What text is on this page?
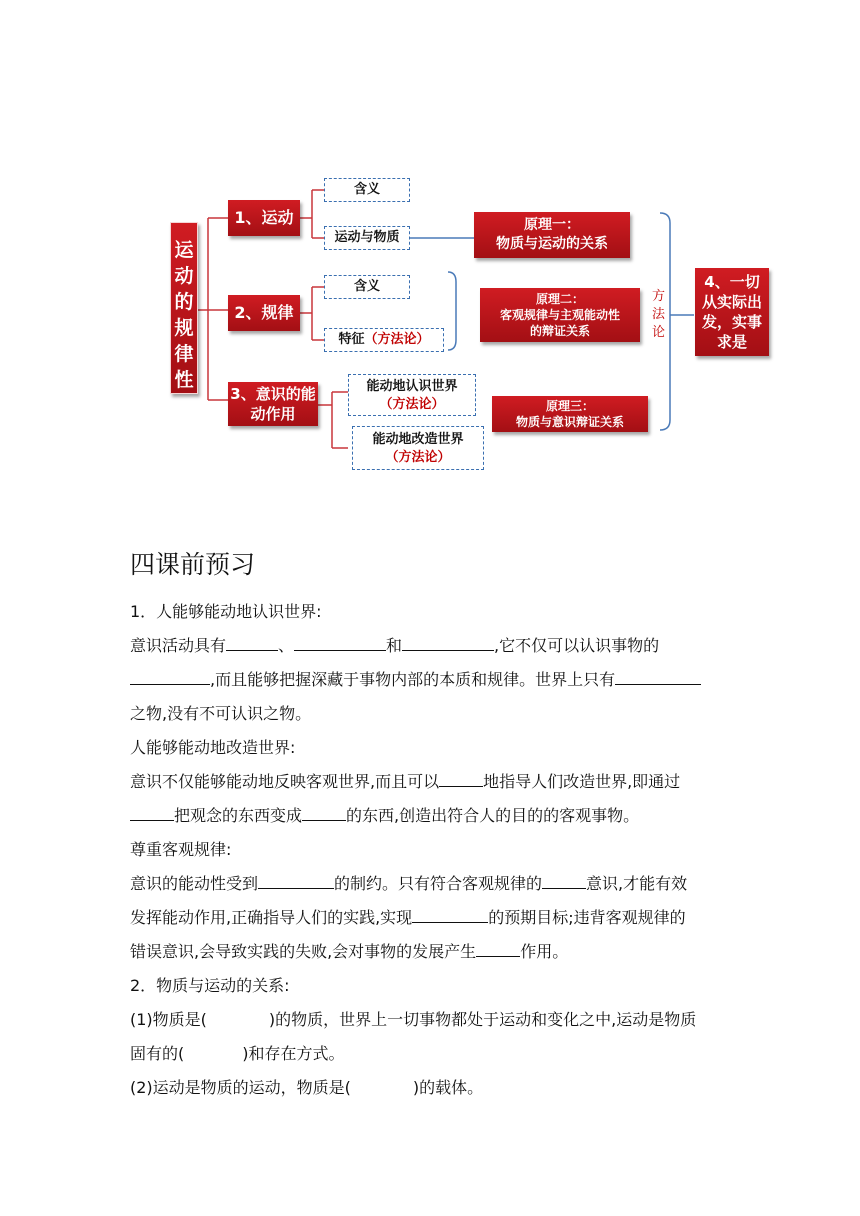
运动的规律性
1、运动
2、规律
3、意识的能动作用
含义
运动与物质
含义
特征（方法论）
能动地认识世界
（方法论）
能动地改造世界
（方法论）
原理一：
物质与运动的关系
原理二：
客观规律与主观能动性
的辩证关系
原理三：
物质与意识辩证关系
方法论
4、一切从实际出发，实事求是
四课前预习
1．人能够能动地认识世界:
意识活动具有	、	和	,它不仅可以认识事物的
,而且能够把握深藏于事物内部的本质和规律。世界上只有
之物,没有不可认识之物。
人能够能动地改造世界:
意识不仅能够能动地反映客观世界,而且可以	地指导人们改造世界,即通过
把观念的东西变成	的东西,创造出符合人的目的的客观事物。
尊重客观规律:
意识的能动性受到	的制约。只有符合客观规律的	意识,才能有效
发挥能动作用,正确指导人们的实践,实现	的预期目标;违背客观规律的
错误意识,会导致实践的失败,会对事物的发展产生	作用。
2．物质与运动的关系:
(1)物质是(	)的物质，世界上一切事物都处于运动和变化之中,运动是物质
固有的(	)和存在方式。
(2)运动是物质的运动，物质是(	)的载体。
